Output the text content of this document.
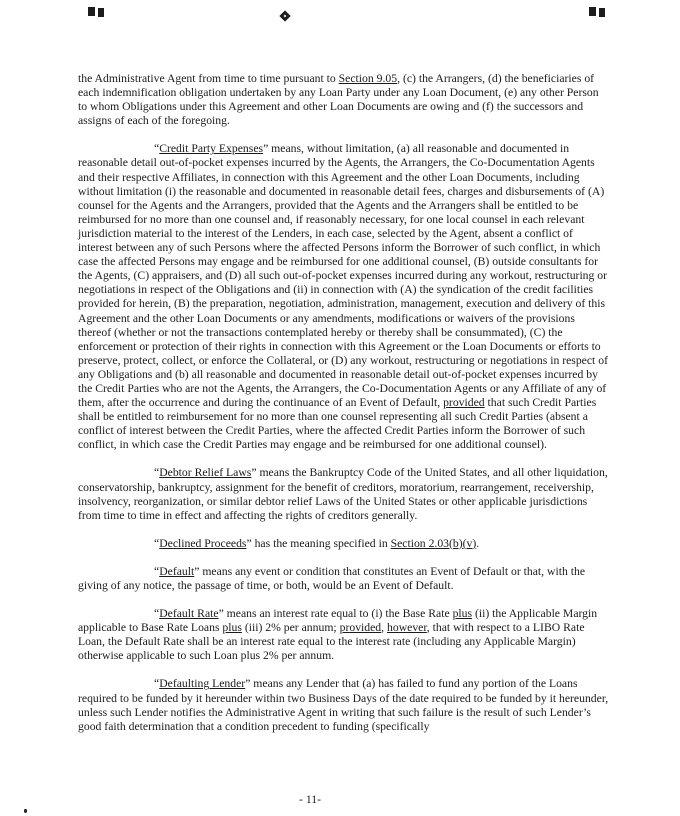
the Administrative Agent from time to time pursuant to Section 9.05, (c) the Arrangers, (d) the beneficiaries of each indemnification obligation undertaken by any Loan Party under any Loan Document, (e) any other Person to whom Obligations under this Agreement and other Loan Documents are owing and (f) the successors and assigns of each of the foregoing.

“Credit Party Expenses” means, without limitation, (a) all reasonable and documented in reasonable detail out-of-pocket expenses incurred by the Agents, the Arrangers, the Co-Documentation Agents and their respective Affiliates, in connection with this Agreement and the other Loan Documents, including without limitation (i) the reasonable and documented in reasonable detail fees, charges and disbursements of (A) counsel for the Agents and the Arrangers, provided that the Agents and the Arrangers shall be entitled to be reimbursed for no more than one counsel and, if reasonably necessary, for one local counsel in each relevant jurisdiction material to the interest of the Lenders, in each case, selected by the Agent, absent a conflict of interest between any of such Persons where the affected Persons inform the Borrower of such conflict, in which case the affected Persons may engage and be reimbursed for one additional counsel, (B) outside consultants for the Agents, (C) appraisers, and (D) all such out-of-pocket expenses incurred during any workout, restructuring or negotiations in respect of the Obligations and (ii) in connection with (A) the syndication of the credit facilities provided for herein, (B) the preparation, negotiation, administration, management, execution and delivery of this Agreement and the other Loan Documents or any amendments, modifications or waivers of the provisions thereof (whether or not the transactions contemplated hereby or thereby shall be consummated), (C) the enforcement or protection of their rights in connection with this Agreement or the Loan Documents or efforts to preserve, protect, collect, or enforce the Collateral, or (D) any workout, restructuring or negotiations in respect of any Obligations and (b) all reasonable and documented in reasonable detail out-of-pocket expenses incurred by the Credit Parties who are not the Agents, the Arrangers, the Co-Documentation Agents or any Affiliate of any of them, after the occurrence and during the continuance of an Event of Default, provided that such Credit Parties shall be entitled to reimbursement for no more than one counsel representing all such Credit Parties (absent a conflict of interest between the Credit Parties, where the affected Credit Parties inform the Borrower of such conflict, in which case the Credit Parties may engage and be reimbursed for one additional counsel).

“Debtor Relief Laws” means the Bankruptcy Code of the United States, and all other liquidation, conservatorship, bankruptcy, assignment for the benefit of creditors, moratorium, rearrangement, receivership, insolvency, reorganization, or similar debtor relief Laws of the United States or other applicable jurisdictions from time to time in effect and affecting the rights of creditors generally.

“Declined Proceeds” has the meaning specified in Section 2.03(b)(v).

“Default” means any event or condition that constitutes an Event of Default or that, with the giving of any notice, the passage of time, or both, would be an Event of Default.

“Default Rate” means an interest rate equal to (i) the Base Rate plus (ii) the Applicable Margin applicable to Base Rate Loans plus (iii) 2% per annum; provided, however, that with respect to a LIBO Rate Loan, the Default Rate shall be an interest rate equal to the interest rate (including any Applicable Margin) otherwise applicable to such Loan plus 2% per annum.

“Defaulting Lender” means any Lender that (a) has failed to fund any portion of the Loans required to be funded by it hereunder within two Business Days of the date required to be funded by it hereunder, unless such Lender notifies the Administrative Agent in writing that such failure is the result of such Lender’s good faith determination that a condition precedent to funding (specifically

- 11-
